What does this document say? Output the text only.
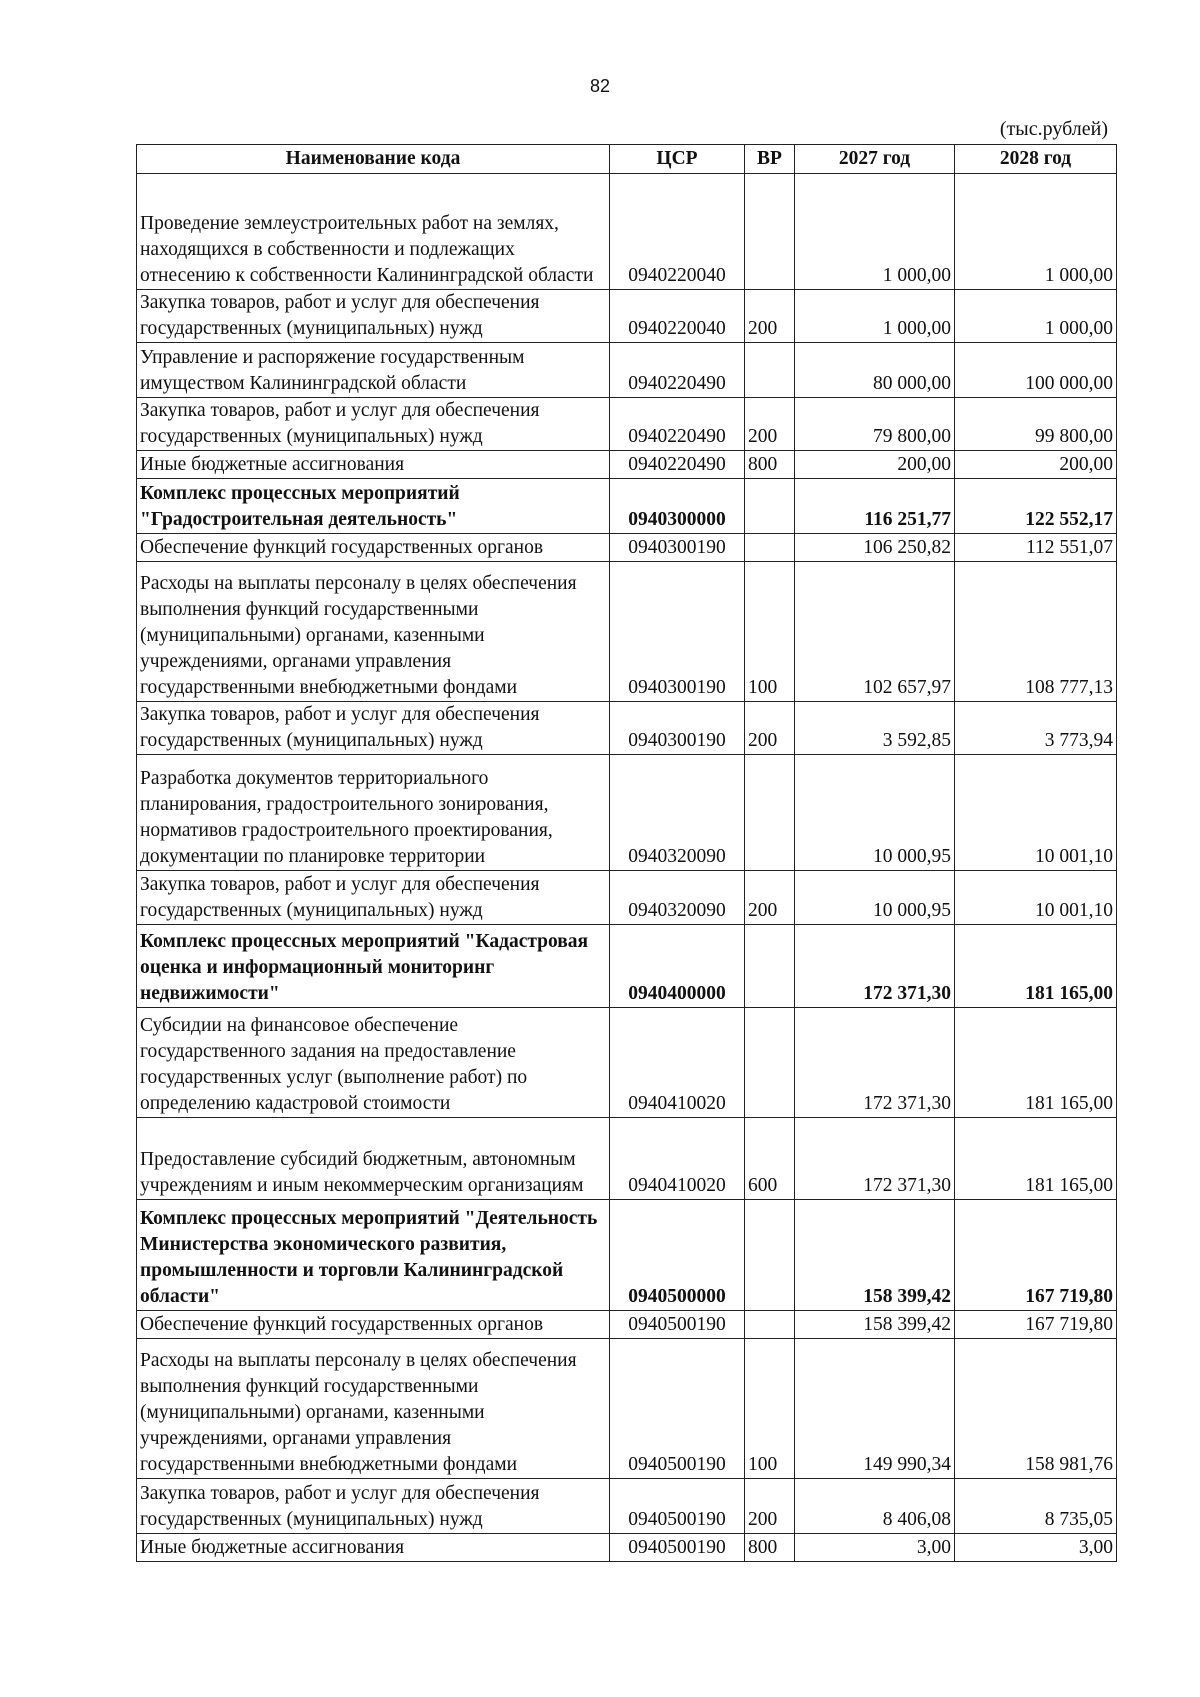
82
(тыс.рублей)
Наименование кода	ЦСР	ВР	2027 год	2028 год
Проведение землеустроительных работ на землях, находящихся в собственности и подлежащих отнесению к собственности Калининградской области	0940220040		1 000,00	1 000,00
Закупка товаров, работ и услуг для обеспечения государственных (муниципальных) нужд	0940220040	200	1 000,00	1 000,00
Управление и распоряжение государственным имуществом Калининградской области	0940220490		80 000,00	100 000,00
Закупка товаров, работ и услуг для обеспечения государственных (муниципальных) нужд	0940220490	200	79 800,00	99 800,00
Иные бюджетные ассигнования	0940220490	800	200,00	200,00
Комплекс процессных мероприятий "Градостроительная деятельность"	0940300000		116 251,77	122 552,17
Обеспечение функций государственных органов	0940300190		106 250,82	112 551,07
Расходы на выплаты персоналу в целях обеспечения выполнения функций государственными (муниципальными) органами, казенными учреждениями, органами управления государственными внебюджетными фондами	0940300190	100	102 657,97	108 777,13
Закупка товаров, работ и услуг для обеспечения государственных (муниципальных) нужд	0940300190	200	3 592,85	3 773,94
Разработка документов территориального планирования, градостроительного зонирования, нормативов градостроительного проектирования, документации по планировке территории	0940320090		10 000,95	10 001,10
Закупка товаров, работ и услуг для обеспечения государственных (муниципальных) нужд	0940320090	200	10 000,95	10 001,10
Комплекс процессных мероприятий "Кадастровая оценка и информационный мониторинг недвижимости"	0940400000		172 371,30	181 165,00
Субсидии на финансовое обеспечение государственного задания на предоставление государственных услуг (выполнение работ) по определению кадастровой стоимости	0940410020		172 371,30	181 165,00
Предоставление субсидий бюджетным, автономным учреждениям и иным некоммерческим организациям	0940410020	600	172 371,30	181 165,00
Комплекс процессных мероприятий "Деятельность Министерства экономического развития, промышленности и торговли Калининградской области"	0940500000		158 399,42	167 719,80
Обеспечение функций государственных органов	0940500190		158 399,42	167 719,80
Расходы на выплаты персоналу в целях обеспечения выполнения функций государственными (муниципальными) органами, казенными учреждениями, органами управления государственными внебюджетными фондами	0940500190	100	149 990,34	158 981,76
Закупка товаров, работ и услуг для обеспечения государственных (муниципальных) нужд	0940500190	200	8 406,08	8 735,05
Иные бюджетные ассигнования	0940500190	800	3,00	3,00
